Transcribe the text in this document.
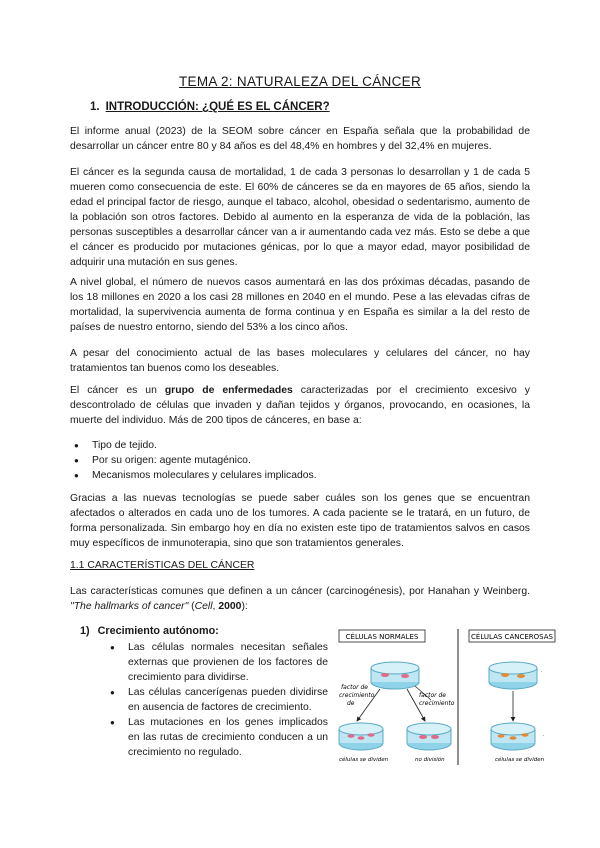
TEMA 2: NATURALEZA DEL CÁNCER
1. INTRODUCCIÓN: ¿QUÉ ES EL CÁNCER?

El informe anual (2023) de la SEOM sobre cáncer en España señala que la probabilidad de desarrollar un cáncer entre 80 y 84 años es del 48,4% en hombres y del 32,4% en mujeres.

El cáncer es la segunda causa de mortalidad, 1 de cada 3 personas lo desarrollan y 1 de cada 5 mueren como consecuencia de este. El 60% de cánceres se da en mayores de 65 años, siendo la edad el principal factor de riesgo, aunque el tabaco, alcohol, obesidad o sedentarismo, aumento de la población son otros factores. Debido al aumento en la esperanza de vida de la población, las personas susceptibles a desarrollar cáncer van a ir aumentando cada vez más. Esto se debe a que el cáncer es producido por mutaciones génicas, por lo que a mayor edad, mayor posibilidad de adquirir una mutación en sus genes.

A nivel global, el número de nuevos casos aumentará en las dos próximas décadas, pasando de los 18 millones en 2020 a los casi 28 millones en 2040 en el mundo. Pese a las elevadas cifras de mortalidad, la supervivencia aumenta de forma continua y en España es similar a la del resto de países de nuestro entorno, siendo del 53% a los cinco años.

A pesar del conocimiento actual de las bases moleculares y celulares del cáncer, no hay tratamientos tan buenos como los deseables.

El cáncer es un grupo de enfermedades caracterizadas por el crecimiento excesivo y descontrolado de células que invaden y dañan tejidos y órganos, provocando, en ocasiones, la muerte del individuo. Más de 200 tipos de cánceres, en base a:

● Tipo de tejido.
● Por su origen: agente mutagénico.
● Mecanismos moleculares y celulares implicados.

Gracias a las nuevas tecnologías se puede saber cuáles son los genes que se encuentran afectados o alterados en cada uno de los tumores. A cada paciente se le tratará, en un futuro, de forma personalizada. Sin embargo hoy en día no existen este tipo de tratamientos salvos en casos muy específicos de inmunoterapia, sino que son tratamientos generales.

1.1 CARACTERÍSTICAS DEL CÁNCER

Las características comunes que definen a un cáncer (carcinogénesis), por Hanahan y Weinberg. "The hallmarks of cancer" (Cell, 2000):

1) Crecimiento autónomo:
● Las células normales necesitan señales externas que provienen de los factores de crecimiento para dividirse.
● Las células cancerígenas pueden dividirse en ausencia de factores de crecimiento.
● Las mutaciones en los genes implicados en las rutas de crecimiento conducen a un crecimiento no regulado.
CÉLULAS NORMALES	CÉLULAS CANCEROSAS
factor de
crecimiento
de
factor de
crecimiento
células se dividen	no división	células se dividen
·
·
